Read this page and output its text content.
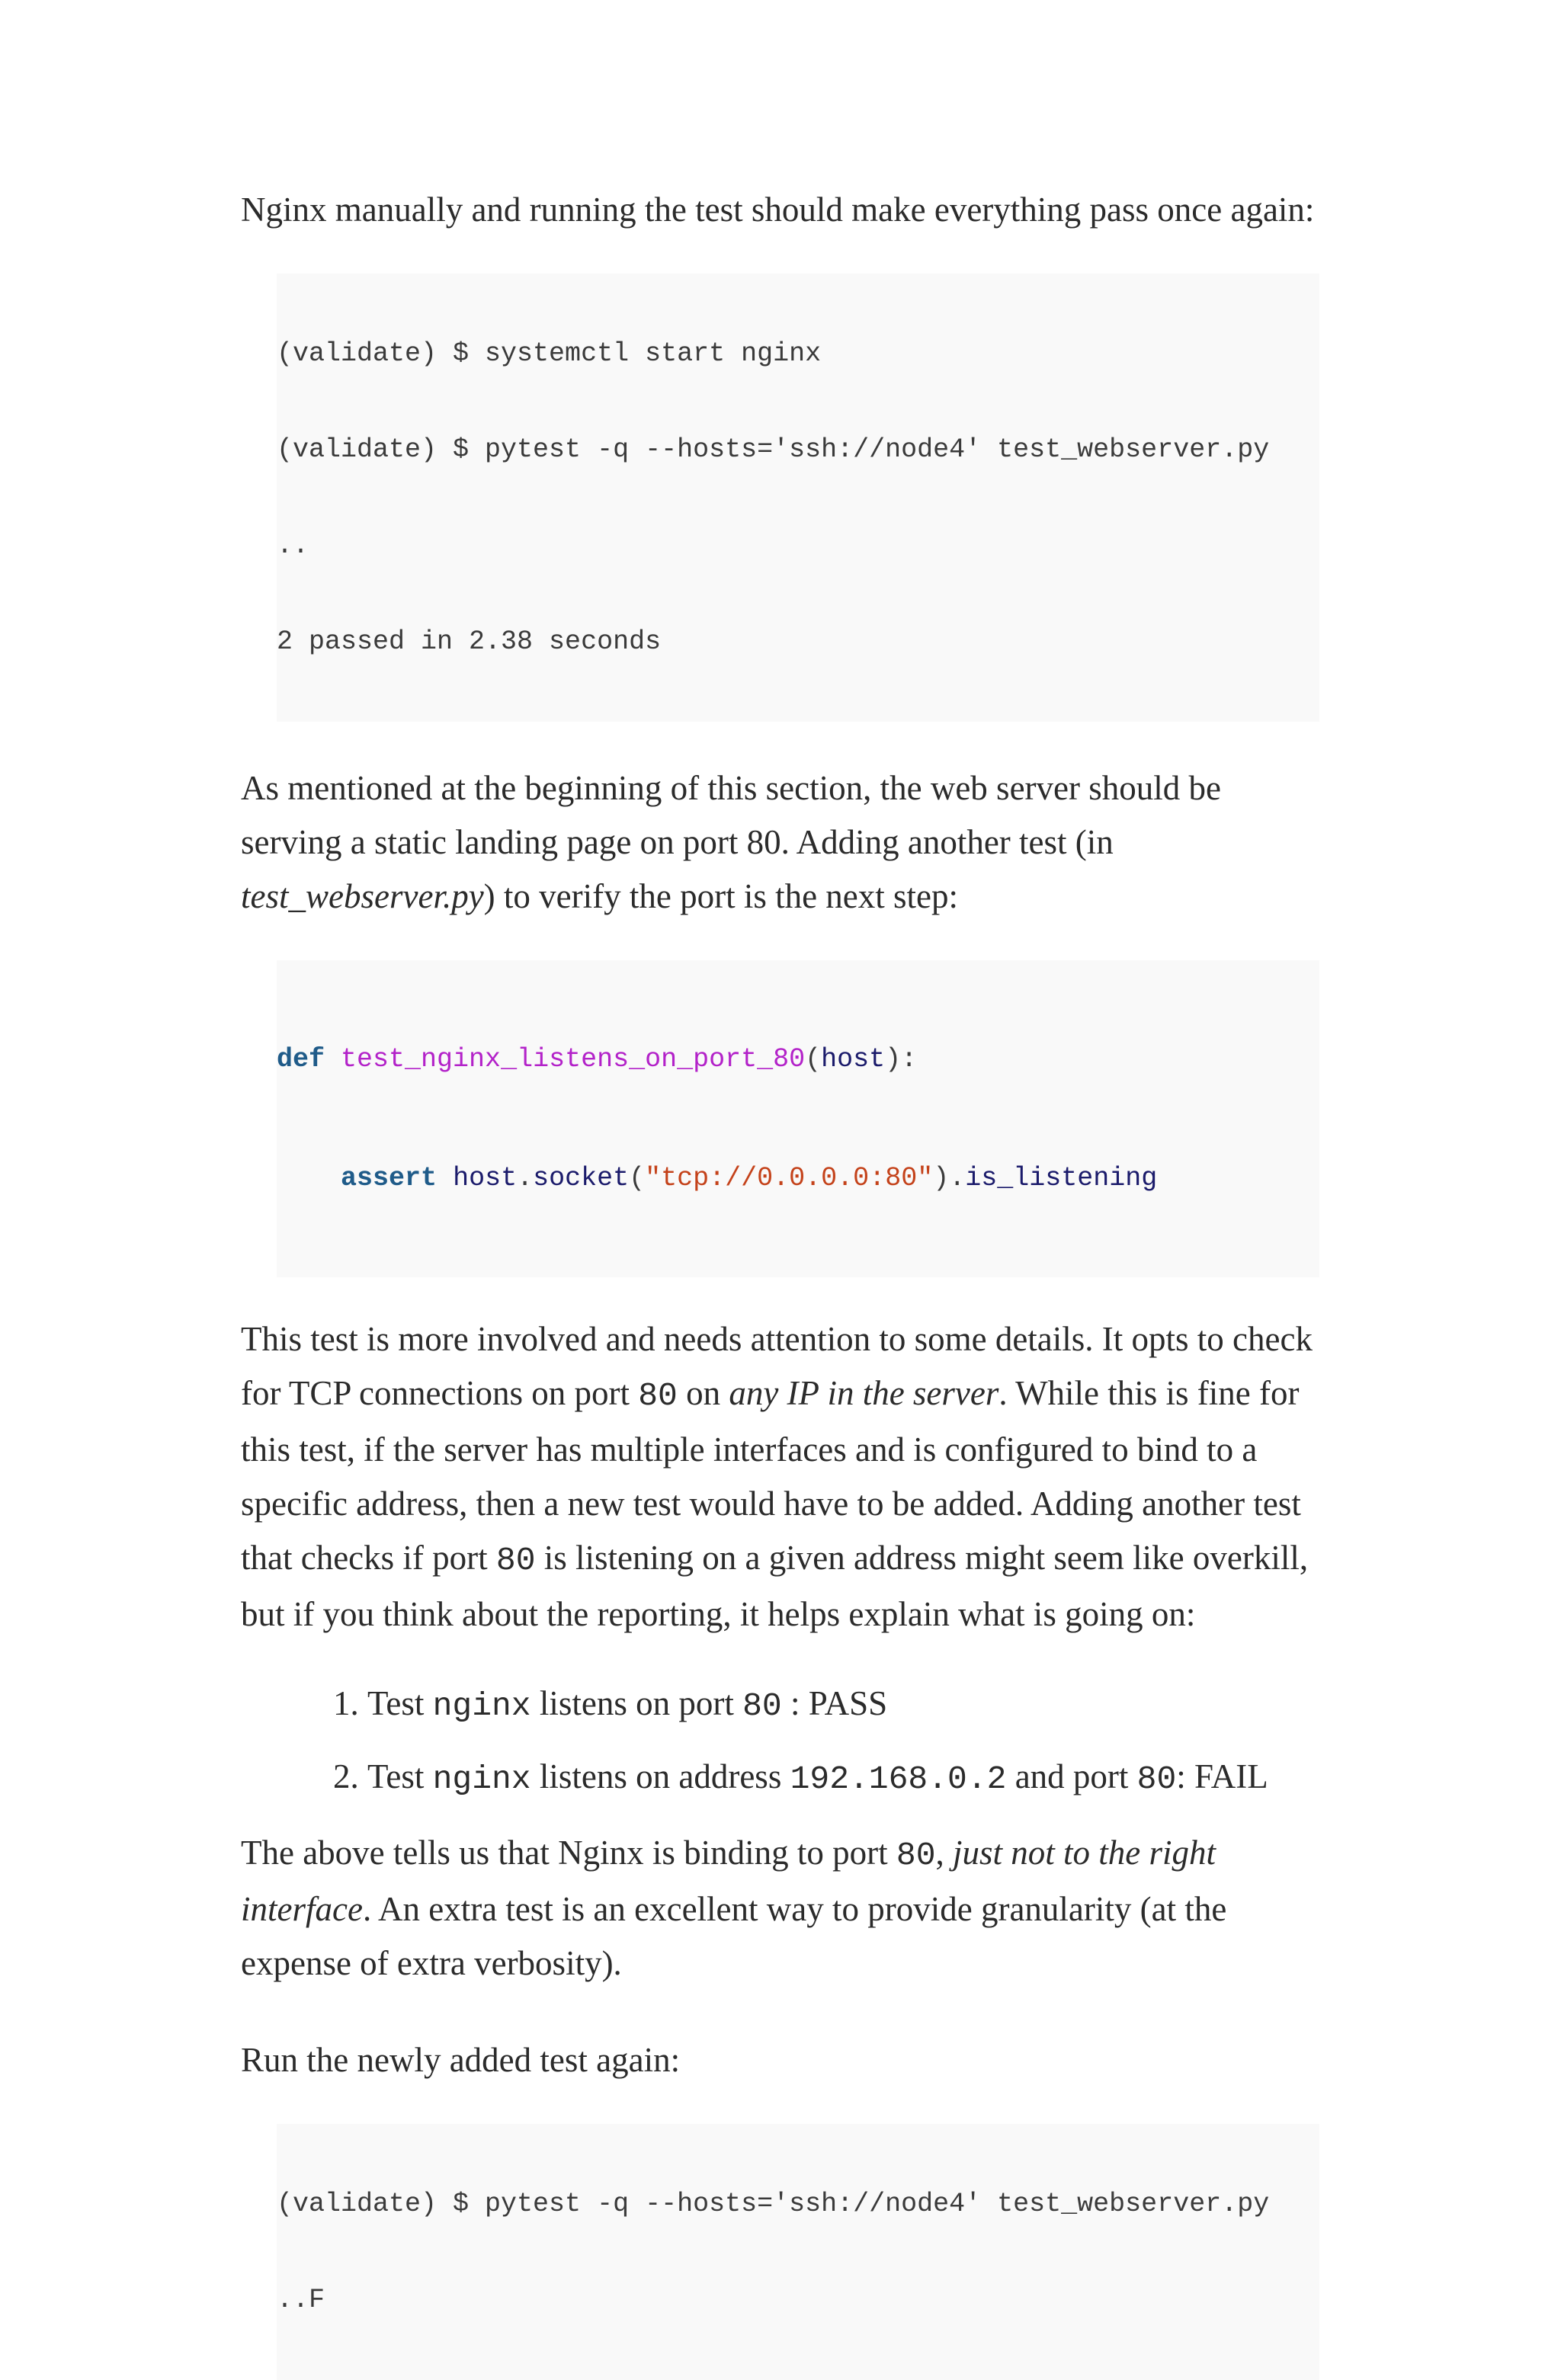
Nginx manually and running the test should make everything pass once again:

(validate) $ systemctl start nginx

(validate) $ pytest -q --hosts='ssh://node4' test_webserver.py

..

2 passed in 2.38 seconds

As mentioned at the beginning of this section, the web server should be serving a static landing page on port 80. Adding another test (in test_webserver.py) to verify the port is the next step:

def test_nginx_listens_on_port_80(host):

assert host.socket("tcp://0.0.0.0:80").is_listening

This test is more involved and needs attention to some details. It opts to check for TCP connections on port 80 on any IP in the server. While this is fine for this test, if the server has multiple interfaces and is configured to bind to a specific address, then a new test would have to be added. Adding another test that checks if port 80 is listening on a given address might seem like overkill, but if you think about the reporting, it helps explain what is going on:

1. Test nginx listens on port 80 : PASS
2. Test nginx listens on address 192.168.0.2 and port 80: FAIL

The above tells us that Nginx is binding to port 80, just not to the right interface. An extra test is an excellent way to provide granularity (at the expense of extra verbosity).

Run the newly added test again:

(validate) $ pytest -q --hosts='ssh://node4' test_webserver.py

..F
